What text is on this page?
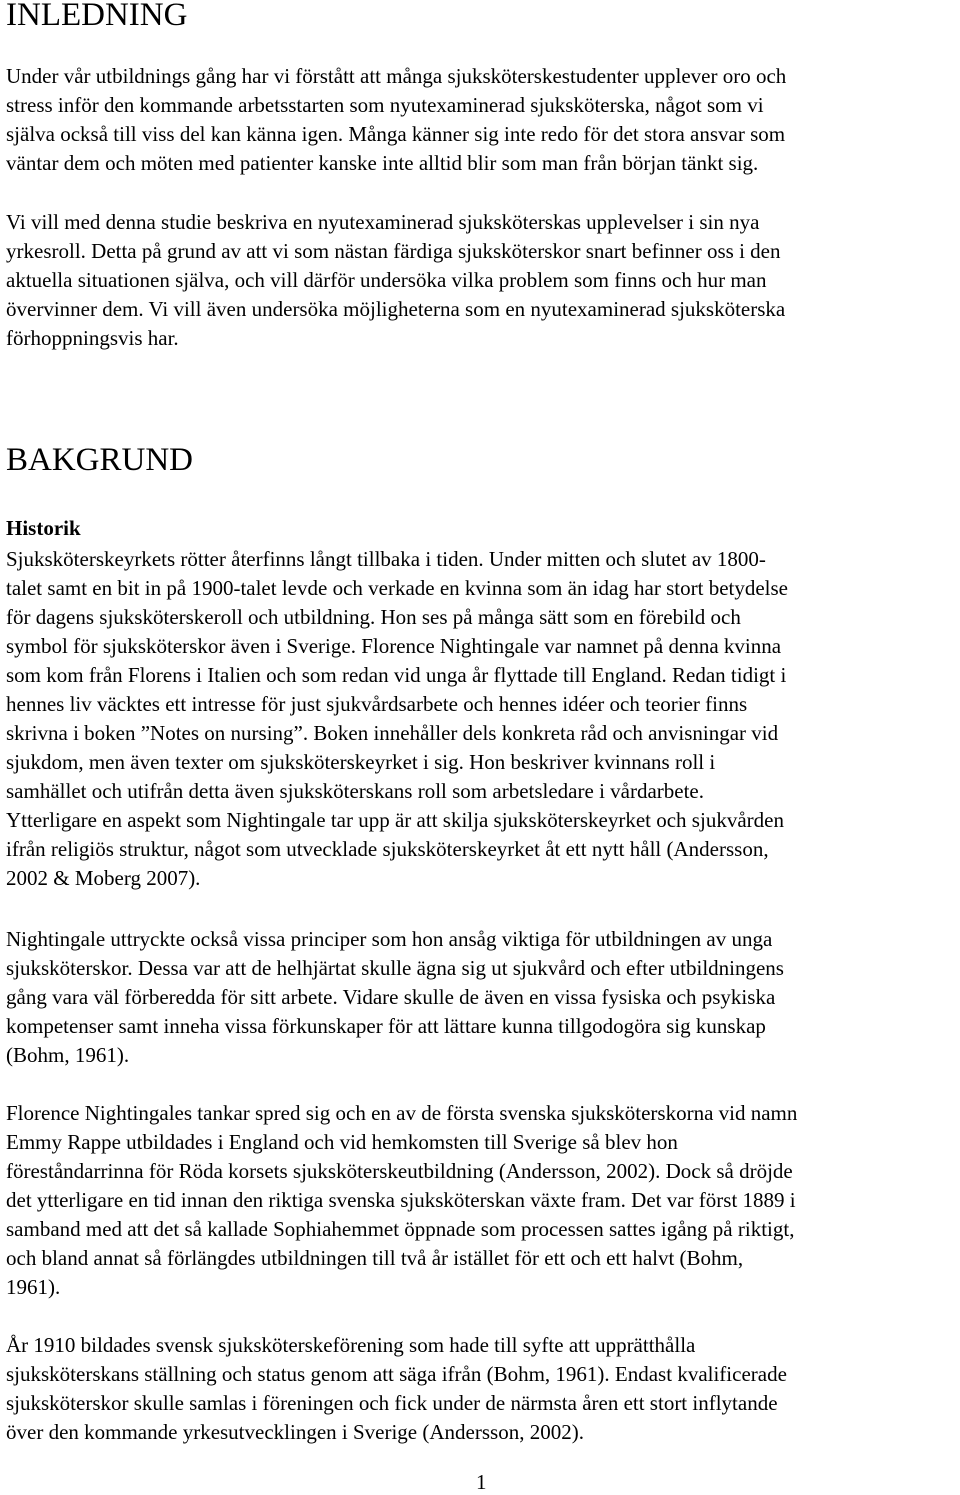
INLEDNING

Under vår utbildnings gång har vi förstått att många sjuksköterskestudenter upplever oro och
stress inför den kommande arbetsstarten som nyutexaminerad sjuksköterska, något som vi
själva också till viss del kan känna igen. Många känner sig inte redo för det stora ansvar som
väntar dem och möten med patienter kanske inte alltid blir som man från början tänkt sig.

Vi vill med denna studie beskriva en nyutexaminerad sjuksköterskas upplevelser i sin nya
yrkesroll. Detta på grund av att vi som nästan färdiga sjuksköterskor snart befinner oss i den
aktuella situationen själva, och vill därför undersöka vilka problem som finns och hur man
övervinner dem. Vi vill även undersöka möjligheterna som en nyutexaminerad sjuksköterska
förhoppningsvis har.

BAKGRUND
Historik

Sjuksköterskeyrkets rötter återfinns långt tillbaka i tiden. Under mitten och slutet av 1800-
talet samt en bit in på 1900-talet levde och verkade en kvinna som än idag har stort betydelse
för dagens sjuksköterskeroll och utbildning. Hon ses på många sätt som en förebild och
symbol för sjuksköterskor även i Sverige. Florence Nightingale var namnet på denna kvinna
som kom från Florens i Italien och som redan vid unga år flyttade till England. Redan tidigt i
hennes liv väcktes ett intresse för just sjukvårdsarbete och hennes idéer och teorier finns
skrivna i boken ”Notes on nursing”. Boken innehåller dels konkreta råd och anvisningar vid
sjukdom, men även texter om sjuksköterskeyrket i sig. Hon beskriver kvinnans roll i
samhället och utifrån detta även sjuksköterskans roll som arbetsledare i vårdarbete.
Ytterligare en aspekt som Nightingale tar upp är att skilja sjuksköterskeyrket och sjukvården
ifrån religiös struktur, något som utvecklade sjuksköterskeyrket åt ett nytt håll (Andersson,
2002 & Moberg 2007).

Nightingale uttryckte också vissa principer som hon ansåg viktiga för utbildningen av unga
sjuksköterskor. Dessa var att de helhjärtat skulle ägna sig ut sjukvård och efter utbildningens
gång vara väl förberedda för sitt arbete. Vidare skulle de även en vissa fysiska och psykiska
kompetenser samt inneha vissa förkunskaper för att lättare kunna tillgodogöra sig kunskap
(Bohm, 1961).

Florence Nightingales tankar spred sig och en av de första svenska sjuksköterskorna vid namn
Emmy Rappe utbildades i England och vid hemkomsten till Sverige så blev hon
föreståndarrinna för Röda korsets sjuksköterskeutbildning (Andersson, 2002). Dock så dröjde
det ytterligare en tid innan den riktiga svenska sjuksköterskan växte fram. Det var först 1889 i
samband med att det så kallade Sophiahemmet öppnade som processen sattes igång på riktigt,
och bland annat så förlängdes utbildningen till två år istället för ett och ett halvt (Bohm,
1961).

År 1910 bildades svensk sjuksköterskeförening som hade till syfte att upprätthålla
sjuksköterskans ställning och status genom att säga ifrån (Bohm, 1961). Endast kvalificerade
sjuksköterskor skulle samlas i föreningen och fick under de närmsta åren ett stort inflytande
över den kommande yrkesutvecklingen i Sverige (Andersson, 2002).

1
